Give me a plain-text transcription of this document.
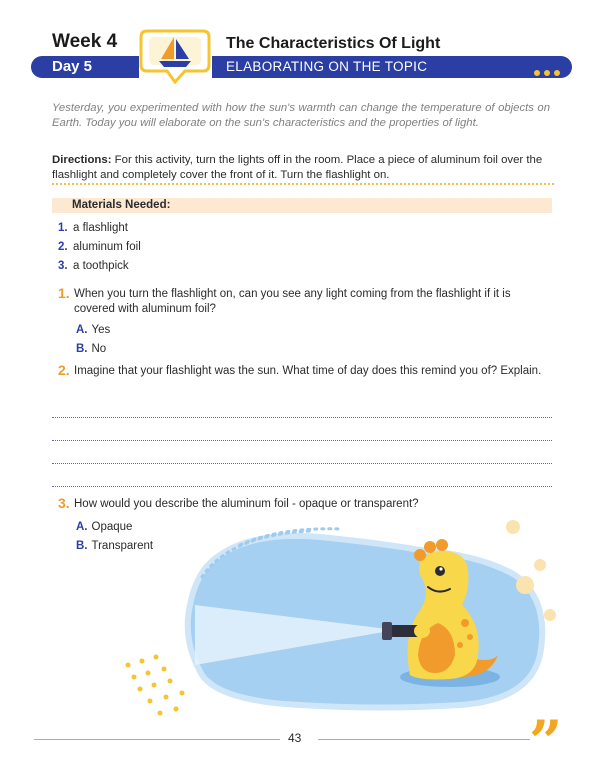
Week 4	The Characteristics Of Light
Day 5	ELABORATING ON THE TOPIC
Yesterday, you experimented with how the sun's warmth can change the temperature of objects on Earth. Today you will elaborate on the sun's characteristics and the properties of light.
Directions: For this activity, turn the lights off in the room. Place a piece of aluminum foil over the flashlight and completely cover the front of it. Turn the flashlight on.
Materials Needed:
1. a flashlight
2. aluminum foil
3. a toothpick
1. When you turn the flashlight on, can you see any light coming from the flashlight if it is covered with aluminum foil?
A. Yes
B. No
2. Imagine that your flashlight was the sun. What time of day does this remind you of? Explain.
3. How would you describe the aluminum foil - opaque or transparent?
A. Opaque
B. Transparent
43	”
